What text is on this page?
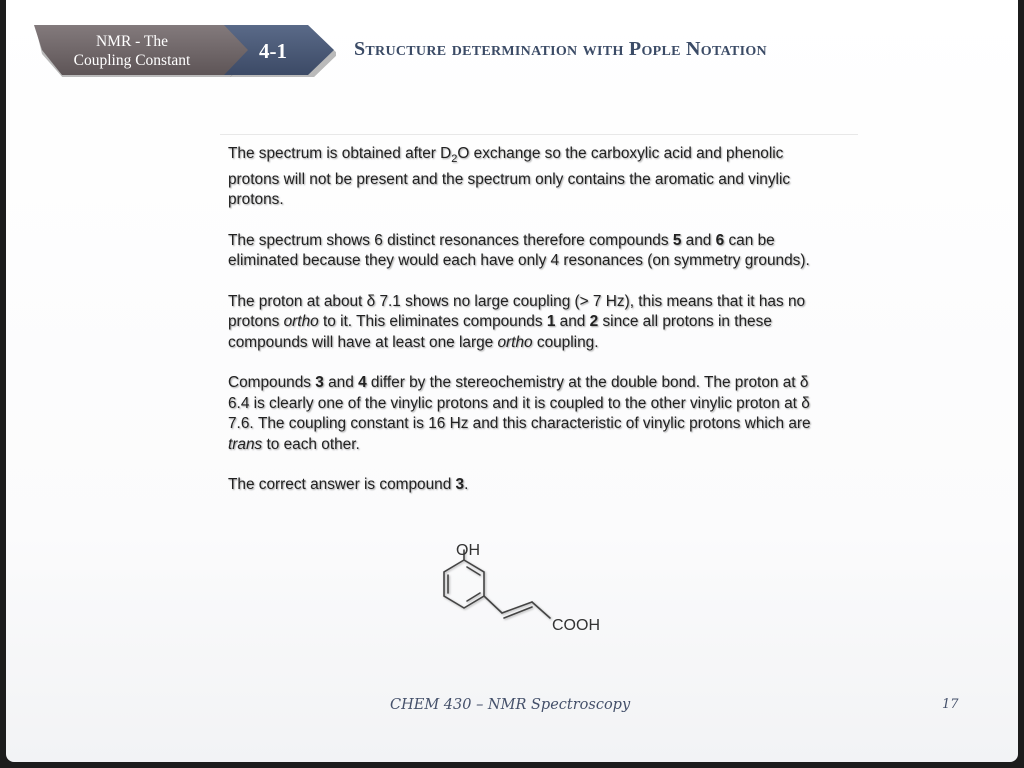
NMR - The
Coupling Constant	4-1	Structure determination with Pople Notation

The spectrum is obtained after $D_2O$ exchange so the carboxylic acid and phenolic protons will not be present and the spectrum only contains the aromatic and vinylic protons.

The spectrum shows 6 distinct resonances therefore compounds 5 and 6 can be eliminated because they would each have only 4 resonances (on symmetry grounds).

The proton at about δ 7.1 shows no large coupling (> 7 Hz), this means that it has no protons ortho to it. This eliminates compounds 1 and 2 since all protons in these compounds will have at least one large ortho coupling.

Compounds 3 and 4 differ by the stereochemistry at the double bond. The proton at δ 6.4 is clearly one of the vinylic protons and it is coupled to the other vinylic proton at δ 7.6. The coupling constant is 16 Hz and this characteristic of vinylic protons which are trans to each other.

The correct answer is compound 3.

OH
COOH
CHEM 430 – NMR Spectroscopy	17
